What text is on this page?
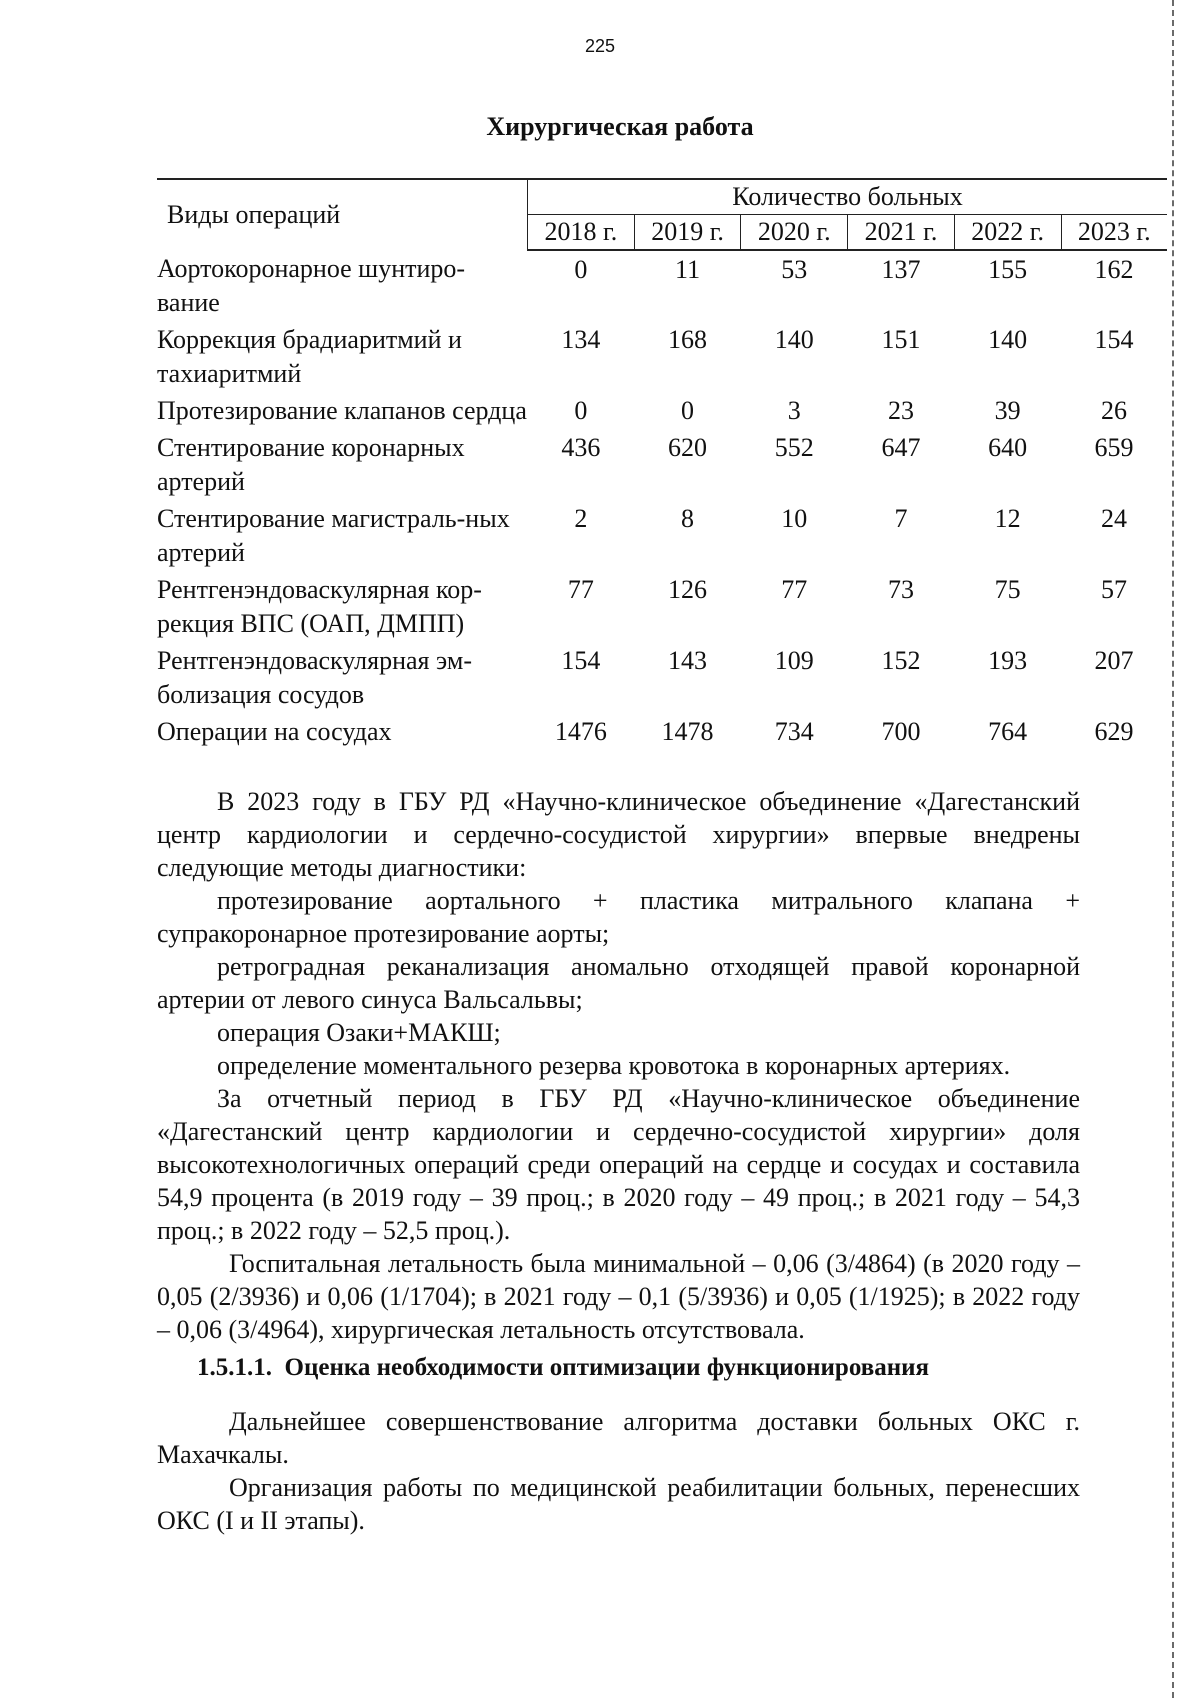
225
Хирургическая работа
Виды операций	Количество больных					
	2018 г.	2019 г.	2020 г.	2021 г.	2022 г.	2023 г.
Аортокоронарное шунтиро-вание	0	11	53	137	155	162
Коррекция брадиаритмий и тахиаритмий	134	168	140	151	140	154
Протезирование клапанов сердца	0	0	3	23	39	26
Стентирование коронарных артерий	436	620	552	647	640	659
Стентирование магистраль-ных артерий	2	8	10	7	12	24
Рентгенэндоваскулярная кор-рекция ВПС (ОАП, ДМПП)	77	126	77	73	75	57
Рентгенэндоваскулярная эм-болизация сосудов	154	143	109	152	193	207
Операции на сосудах	1476	1478	734	700	764	629

В 2023 году в ГБУ РД «Научно-клиническое объединение «Дагестанский центр кардиологии и сердечно-сосудистой хирургии» впервые внедрены следующие методы диагностики:

протезирование аортального + пластика митрального клапана + супракоронарное протезирование аорты;

ретроградная реканализация аномально отходящей правой коронарной артерии от левого синуса Вальсальвы;

операция Озаки+МАКШ;

определение моментального резерва кровотока в коронарных артериях.

За отчетный период в ГБУ РД «Научно-клиническое объединение «Дагестанский центр кардиологии и сердечно-сосудистой хирургии» доля высокотехнологичных операций среди операций на сердце и сосудах и составила 54,9 процента (в 2019 году – 39 проц.; в 2020 году – 49 проц.; в 2021 году – 54,3 проц.; в 2022 году – 52,5 проц.).

Госпитальная летальность была минимальной – 0,06 (3/4864) (в 2020 году – 0,05 (2/3936) и 0,06 (1/1704); в 2021 году – 0,1 (5/3936) и 0,05 (1/1925); в 2022 году – 0,06 (3/4964), хирургическая летальность отсутствовала.

1.5.1.1. Оценка необходимости оптимизации функционирования

Дальнейшее совершенствование алгоритма доставки больных ОКС г. Махачкалы.

Организация работы по медицинской реабилитации больных, перенесших ОКС (I и II этапы).
